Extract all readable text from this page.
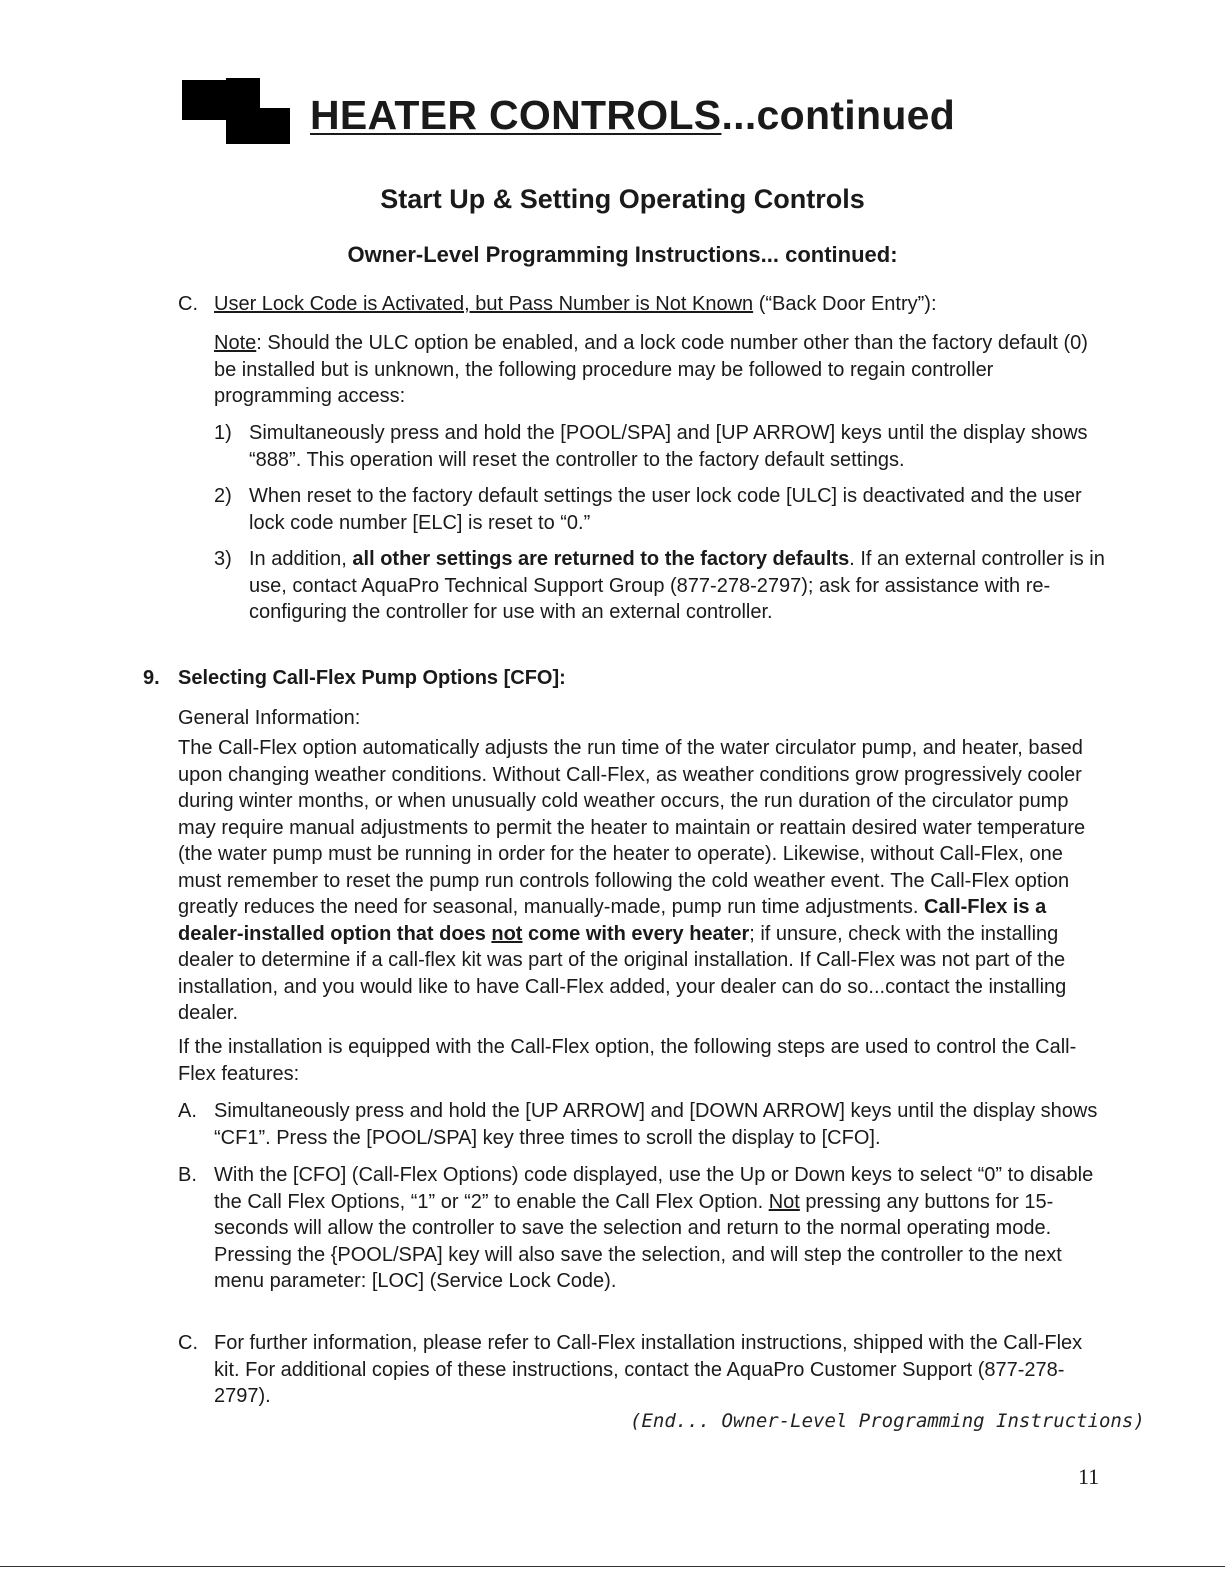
HEATER CONTROLS...continued
Start Up & Setting Operating Controls
Owner-Level Programming Instructions... continued:
C. User Lock Code is Activated, but Pass Number is Not Known (“Back Door Entry”):
Note: Should the ULC option be enabled, and a lock code number other than the factory default (0) be installed but is unknown, the following procedure may be followed to regain controller programming access:
1) Simultaneously press and hold the [POOL/SPA] and [UP ARROW] keys until the display shows “888”. This operation will reset the controller to the factory default settings.
2) When reset to the factory default settings the user lock code [ULC] is deactivated and the user lock code number [ELC] is reset to “0.”
3) In addition, all other settings are returned to the factory defaults. If an external controller is in use, contact AquaPro Technical Support Group (877-278-2797); ask for assistance with re-configuring the controller for use with an external controller.
9. Selecting Call-Flex Pump Options [CFO]:
General Information:
The Call-Flex option automatically adjusts the run time of the water circulator pump, and heater, based upon changing weather conditions. Without Call-Flex, as weather conditions grow progressively cooler during winter months, or when unusually cold weather occurs, the run duration of the circulator pump may require manual adjustments to permit the heater to maintain or reattain desired water temperature (the water pump must be running in order for the heater to operate). Likewise, without Call-Flex, one must remember to reset the pump run controls following the cold weather event. The Call-Flex option greatly reduces the need for seasonal, manually-made, pump run time adjustments. Call-Flex is a dealer-installed option that does not come with every heater; if unsure, check with the installing dealer to determine if a call-flex kit was part of the original installation. If Call-Flex was not part of the installation, and you would like to have Call-Flex added, your dealer can do so...contact the installing dealer.
If the installation is equipped with the Call-Flex option, the following steps are used to control the Call-Flex features:
A. Simultaneously press and hold the [UP ARROW] and [DOWN ARROW] keys until the display shows “CF1”. Press the [POOL/SPA] key three times to scroll the display to [CFO].
B. With the [CFO] (Call-Flex Options) code displayed, use the Up or Down keys to select “0” to disable the Call Flex Options, “1” or “2” to enable the Call Flex Option. Not pressing any buttons for 15-seconds will allow the controller to save the selection and return to the normal operating mode. Pressing the {POOL/SPA] key will also save the selection, and will step the controller to the next menu parameter: [LOC] (Service Lock Code).
C. For further information, please refer to Call-Flex installation instructions, shipped with the Call-Flex kit. For additional copies of these instructions, contact the AquaPro Customer Support (877-278-2797).
(End... Owner-Level Programming Instructions)
11
